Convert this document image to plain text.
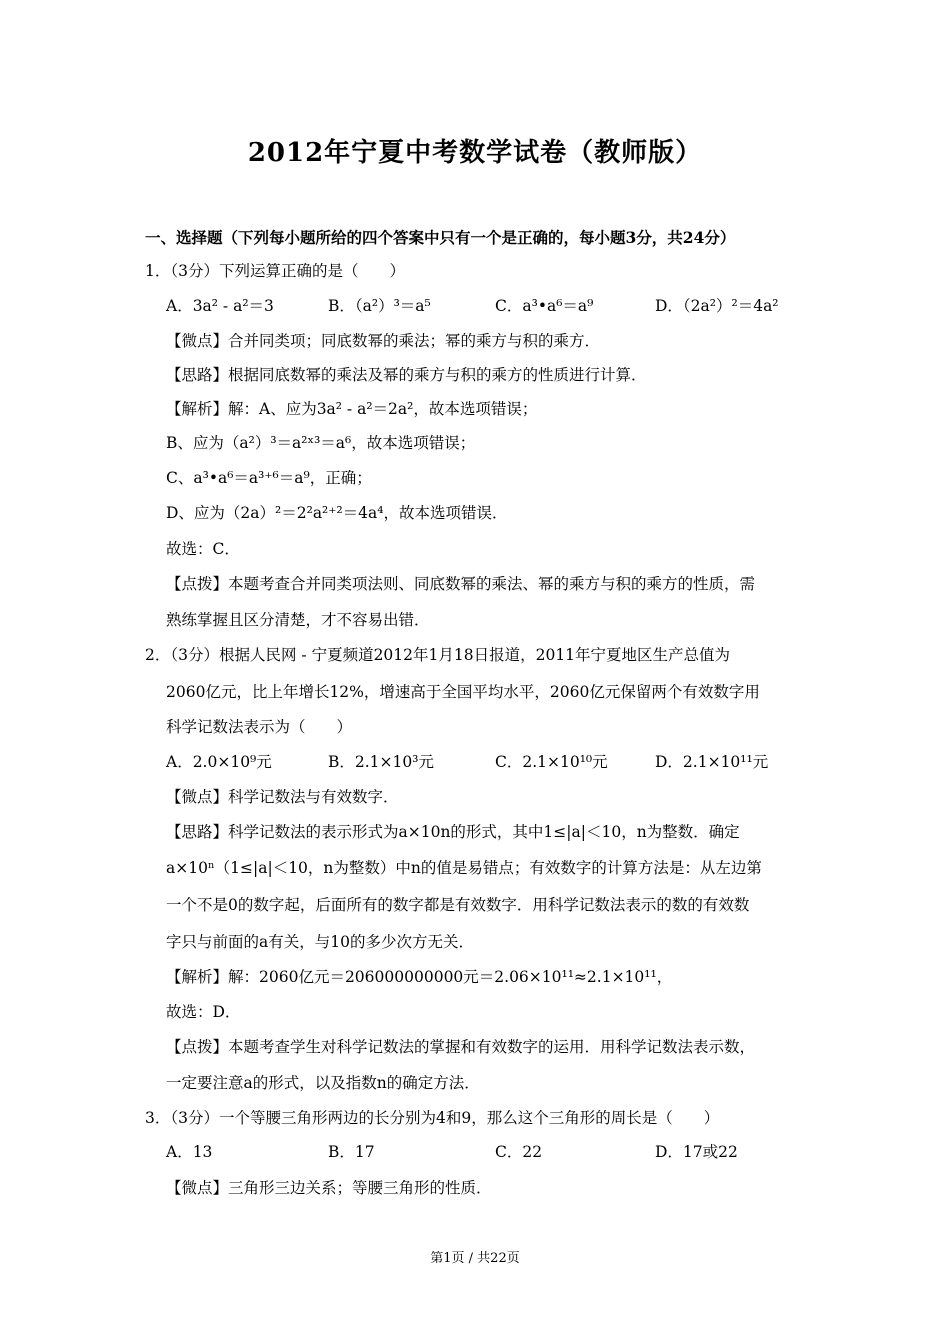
2012年宁夏中考数学试卷（教师版）
一、选择题（下列每小题所给的四个答案中只有一个是正确的，每小题3分，共24分）
1．（3分）下列运算正确的是（　　）
A．3a² ‑ a²＝3	B．（a²）³＝a⁵	C．a³•a⁶＝a⁹	D．（2a²）²＝4a²
【微点】合并同类项；同底数幂的乘法；幂的乘方与积的乘方．
【思路】根据同底数幂的乘法及幂的乘方与积的乘方的性质进行计算．
【解析】解：A、应为3a² ‑ a²＝2a²，故本选项错误；
B、应为（a²）³＝a²ˣ³＝a⁶，故本选项错误；
C、a³•a⁶＝a³⁺⁶＝a⁹，正确；
D、应为（2a）²＝2²a²⁺²＝4a⁴，故本选项错误．
故选：C．
【点拨】本题考查合并同类项法则、同底数幂的乘法、幂的乘方与积的乘方的性质，需
熟练掌握且区分清楚，才不容易出错．
2．（3分）根据人民网 ‑ 宁夏频道2012年1月18日报道，2011年宁夏地区生产总值为
2060亿元，比上年增长12%，增速高于全国平均水平，2060亿元保留两个有效数字用
科学记数法表示为（　　）
A．2.0×10⁹元	B．2.1×10³元	C．2.1×10¹⁰元	D．2.1×10¹¹元
【微点】科学记数法与有效数字．
【思路】科学记数法的表示形式为a×10n的形式，其中1≤|a|＜10，n为整数．确定
a×10ⁿ（1≤|a|＜10，n为整数）中n的值是易错点；有效数字的计算方法是：从左边第
一个不是0的数字起，后面所有的数字都是有效数字．用科学记数法表示的数的有效数
字只与前面的a有关，与10的多少次方无关．
【解析】解：2060亿元＝206000000000元＝2.06×10¹¹≈2.1×10¹¹，
故选：D．
【点拨】本题考查学生对科学记数法的掌握和有效数字的运用．用科学记数法表示数，
一定要注意a的形式，以及指数n的确定方法．
3．（3分）一个等腰三角形两边的长分别为4和9，那么这个三角形的周长是（　　）
A．13	B．17	C．22	D．17或22
【微点】三角形三边关系；等腰三角形的性质．
第1页 / 共22页
